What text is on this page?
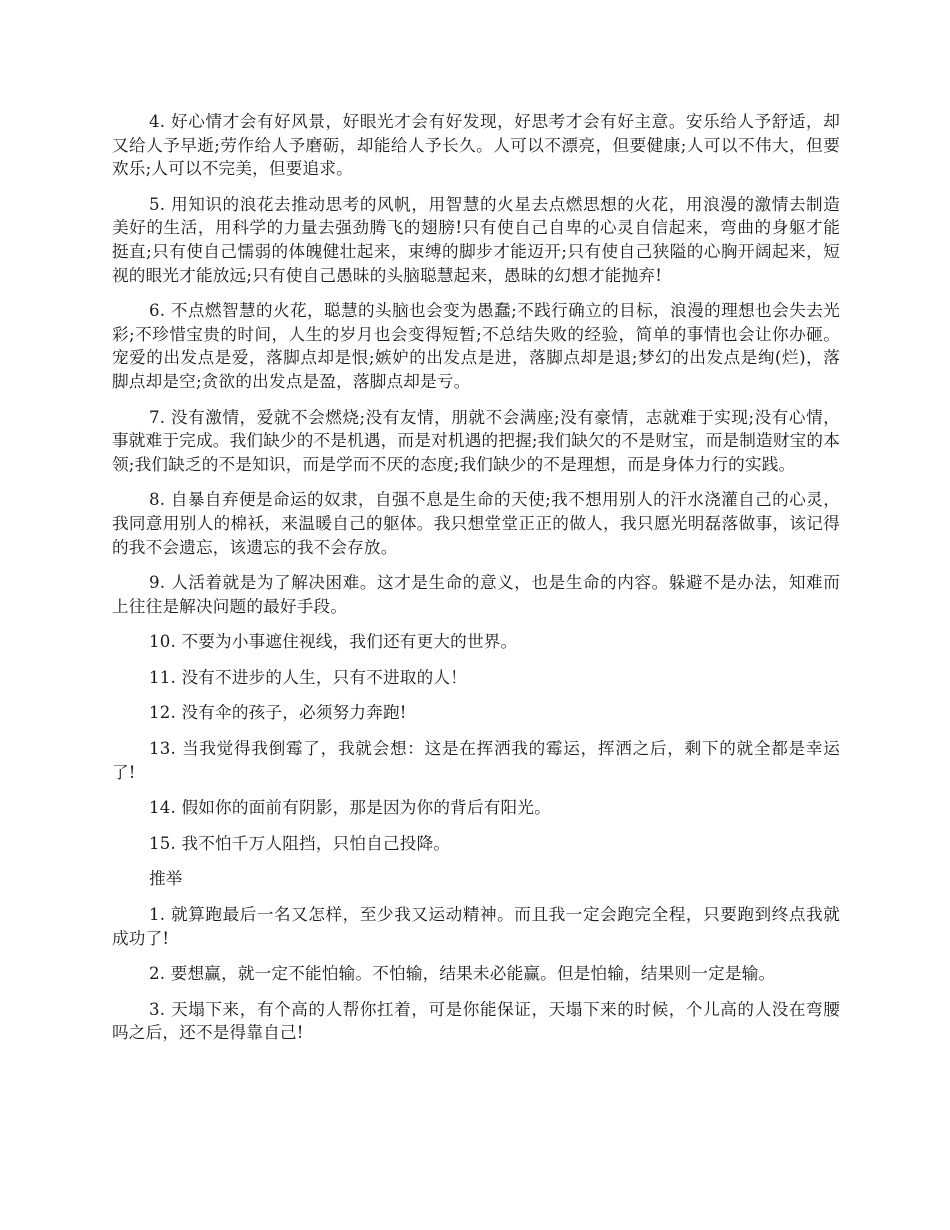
4. 好心情才会有好风景，好眼光才会有好发现，好思考才会有好主意。安乐给人予舒适，却又给人予早逝;劳作给人予磨砺，却能给人予长久。人可以不漂亮，但要健康;人可以不伟大，但要欢乐;人可以不完美，但要追求。

5. 用知识的浪花去推动思考的风帆，用智慧的火星去点燃思想的火花，用浪漫的激情去制造美好的生活，用科学的力量去强劲腾飞的翅膀!只有使自己自卑的心灵自信起来，弯曲的身躯才能挺直;只有使自己懦弱的体魄健壮起来，束缚的脚步才能迈开;只有使自己狭隘的心胸开阔起来，短视的眼光才能放远;只有使自己愚昧的头脑聪慧起来，愚昧的幻想才能抛弃!

6. 不点燃智慧的火花，聪慧的头脑也会变为愚蠢;不践行确立的目标，浪漫的理想也会失去光彩;不珍惜宝贵的时间，人生的岁月也会变得短暂;不总结失败的经验，简单的事情也会让你办砸。宠爱的出发点是爱，落脚点却是恨;嫉妒的出发点是进，落脚点却是退;梦幻的出发点是绚(烂)，落脚点却是空;贪欲的出发点是盈，落脚点却是亏。

7. 没有激情，爱就不会燃烧;没有友情，朋就不会满座;没有豪情，志就难于实现;没有心情，事就难于完成。我们缺少的不是机遇，而是对机遇的把握;我们缺欠的不是财宝，而是制造财宝的本领;我们缺乏的不是知识，而是学而不厌的态度;我们缺少的不是理想，而是身体力行的实践。

8. 自暴自弃便是命运的奴隶，自强不息是生命的天使;我不想用别人的汗水浇灌自己的心灵，我同意用别人的棉袄，来温暖自己的躯体。我只想堂堂正正的做人，我只愿光明磊落做事，该记得的我不会遗忘，该遗忘的我不会存放。

9. 人活着就是为了解决困难。这才是生命的意义，也是生命的内容。躲避不是办法，知难而上往往是解决问题的最好手段。

10. 不要为小事遮住视线，我们还有更大的世界。

11. 没有不进步的人生，只有不进取的人！

12. 没有伞的孩子，必须努力奔跑!

13. 当我觉得我倒霉了，我就会想：这是在挥洒我的霉运，挥洒之后，剩下的就全都是幸运了!

14. 假如你的面前有阴影，那是因为你的背后有阳光。

15. 我不怕千万人阻挡，只怕自己投降。

推举

1. 就算跑最后一名又怎样，至少我又运动精神。而且我一定会跑完全程，只要跑到终点我就成功了!

2. 要想赢，就一定不能怕输。不怕输，结果未必能赢。但是怕输，结果则一定是输。

3. 天塌下来，有个高的人帮你扛着，可是你能保证，天塌下来的时候，个儿高的人没在弯腰吗之后，还不是得靠自己!
